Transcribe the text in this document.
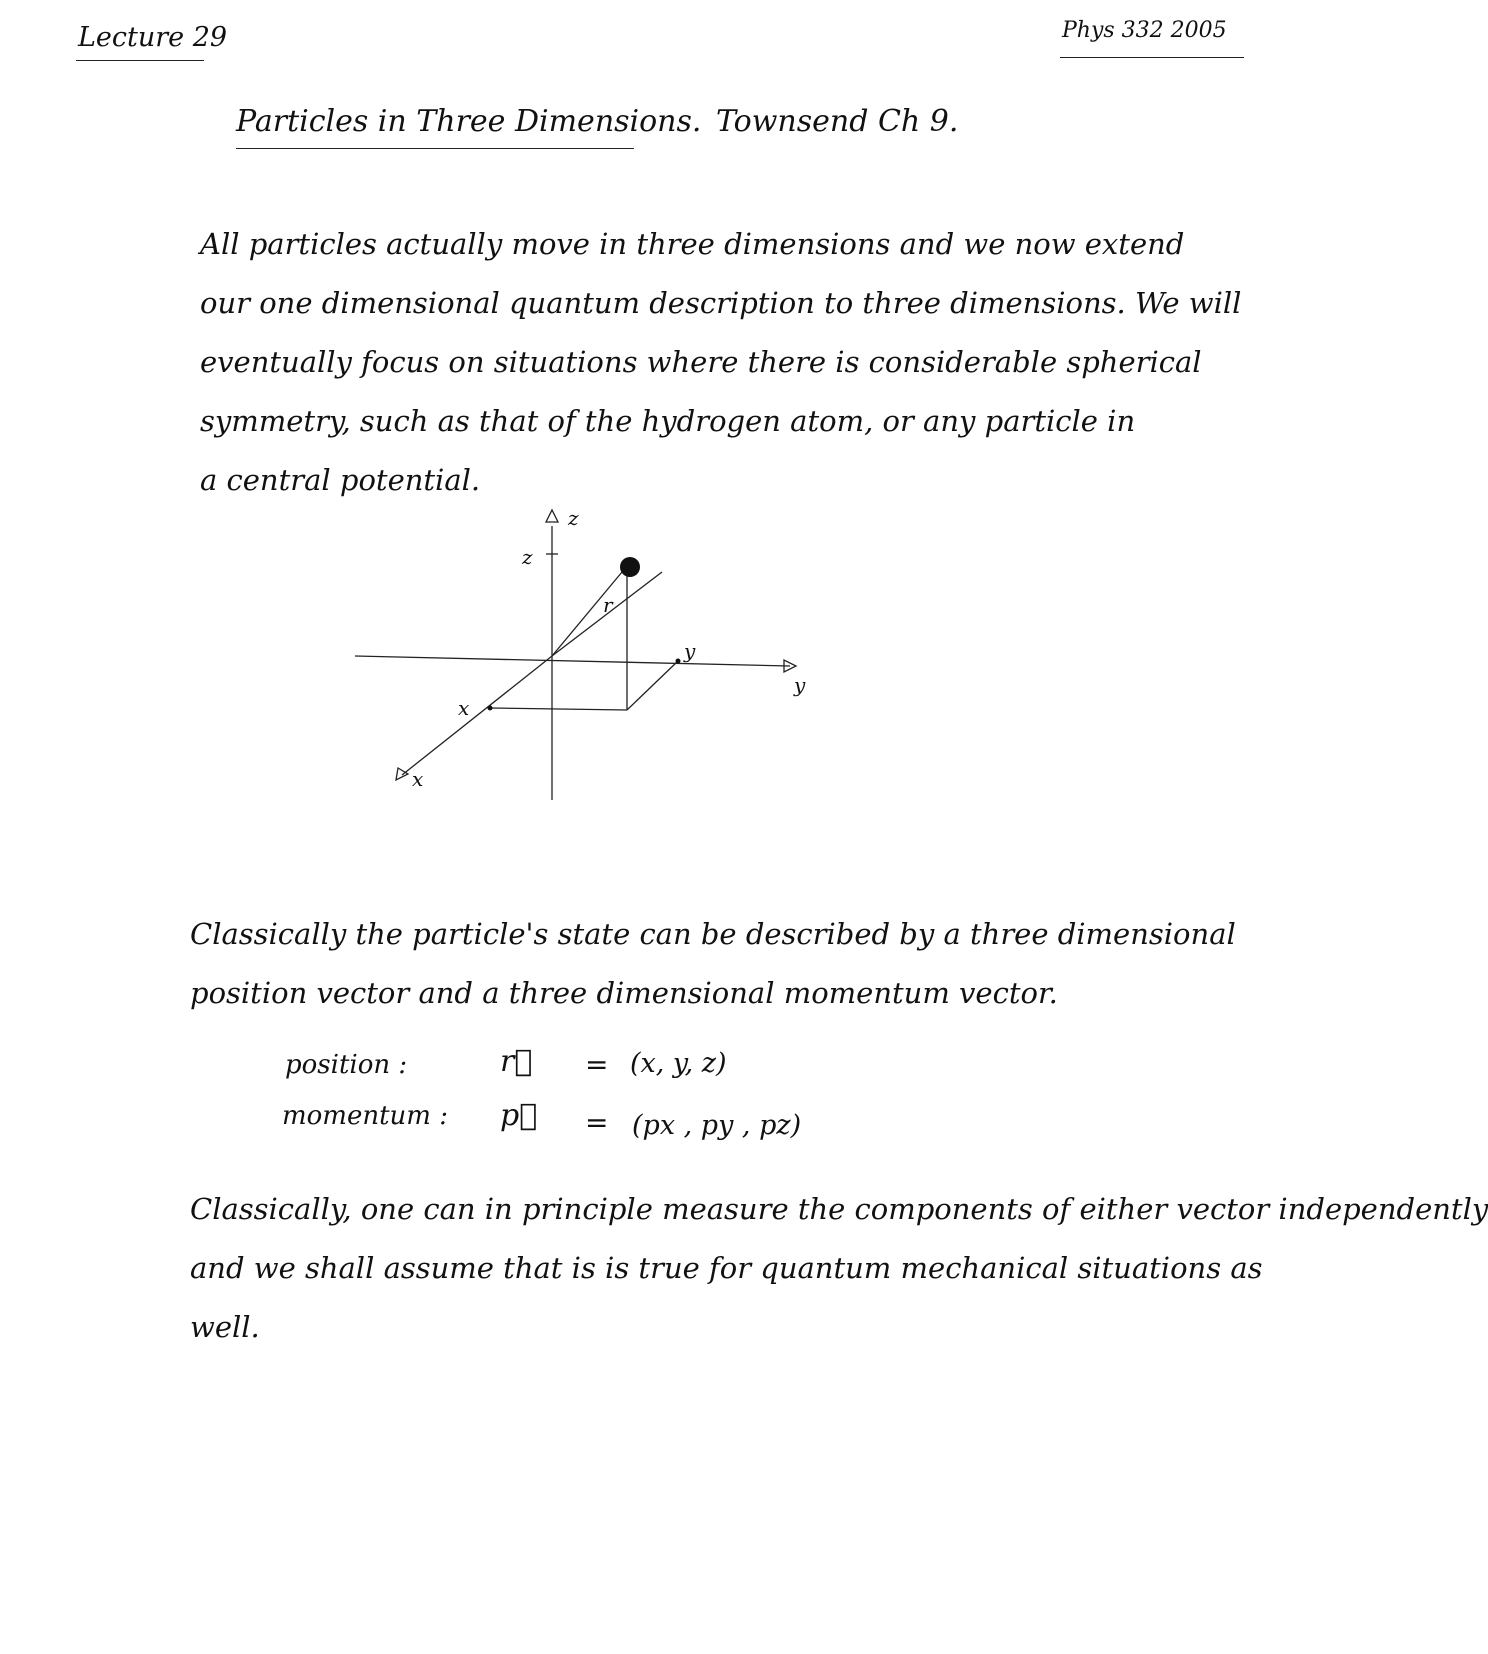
Lecture 29	Phys 332 2005
Particles in Three Dimensions. Townsend Ch 9.
All particles actually move in three dimensions and we now extend
our one dimensional quantum description to three dimensions. We will
eventually focus on situations where there is considerable spherical
symmetry, such as that of the hydrogen atom, or any particle in
a central potential.
z
z
y
y
x
x
r
Classically the particle's state can be described by a three dimensional
position vector and a three dimensional momentum vector.
position :	r⃗ = (x, y, z)
momentum : p⃗ = (px , py , pz)
Classically, one can in principle measure the components of either vector independently
and we shall assume that is is true for quantum mechanical situations as
well.
